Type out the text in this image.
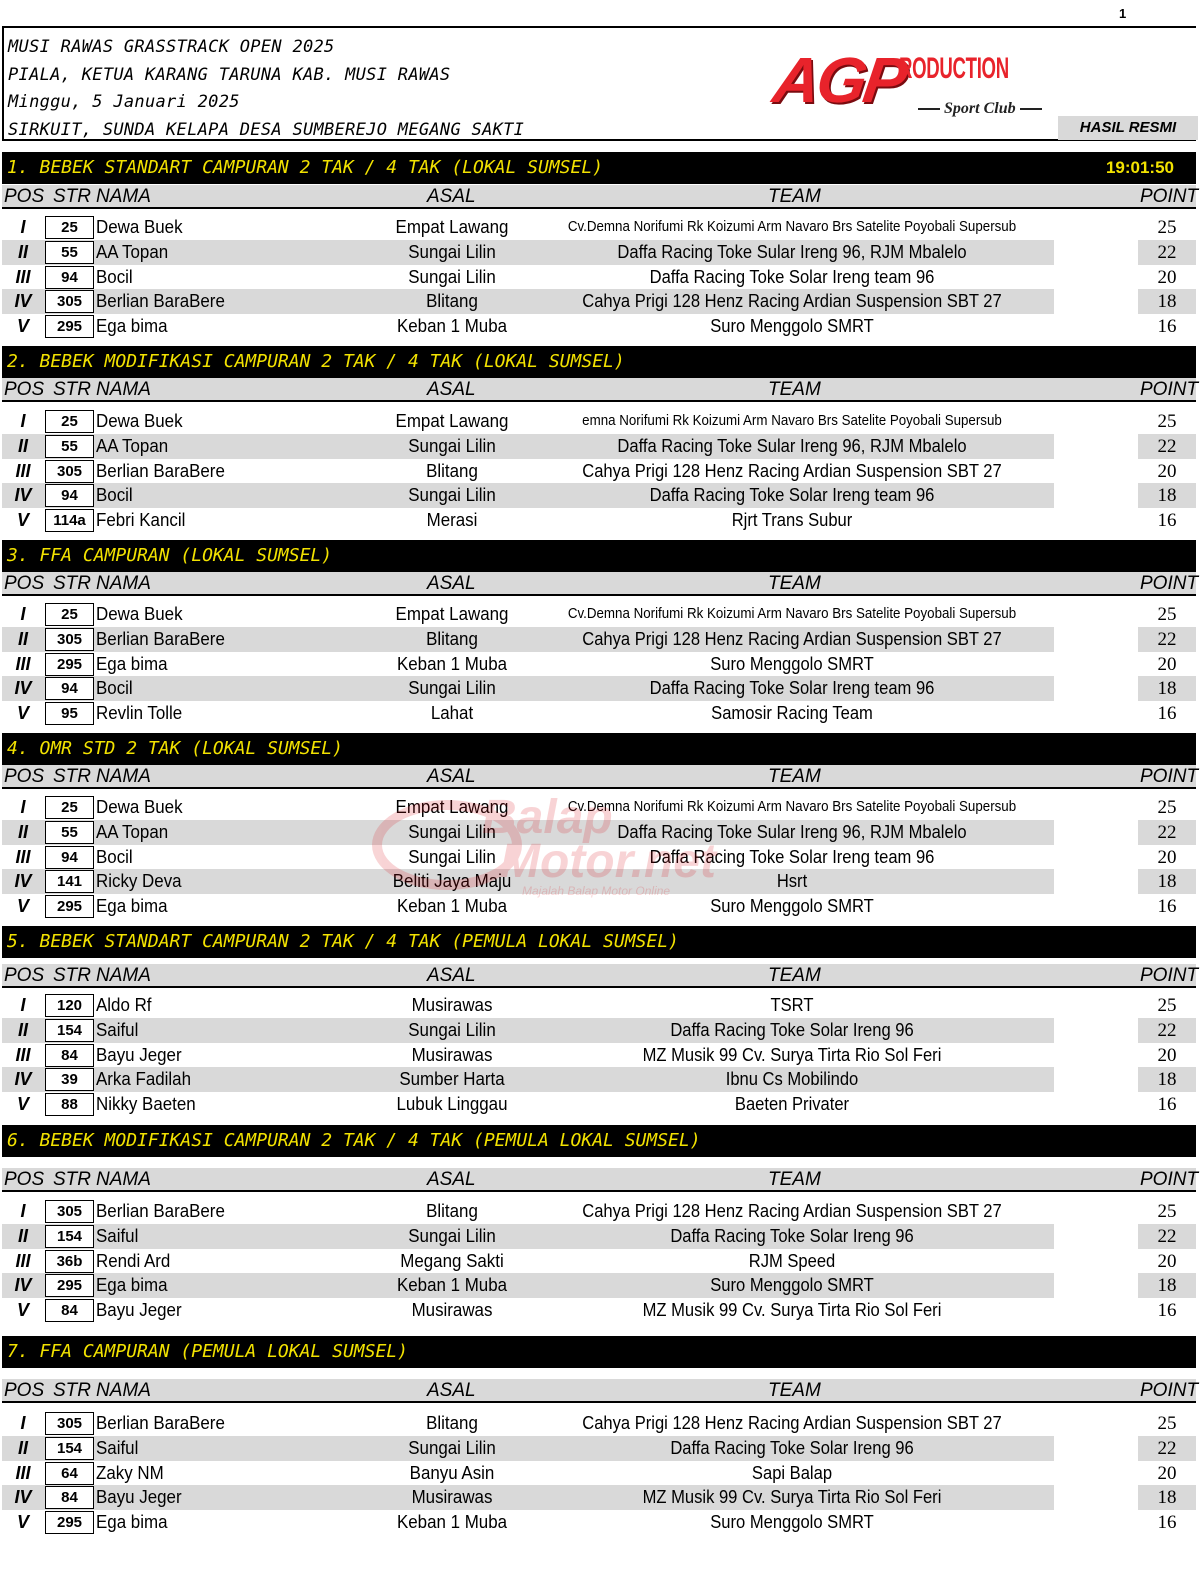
1
MUSI RAWAS GRASSTRACK OPEN 2025
PIALA, KETUA KARANG TARUNA KAB. MUSI RAWAS
Minggu, 5 Januari 2025
SIRKUIT, SUNDA KELAPA DESA SUMBEREJO MEGANG SAKTI
AGP
RODUCTION
Sport Club
HASIL RESMI
1. BEBEK STANDART CAMPURAN 2 TAK / 4 TAK (LOKAL SUMSEL)	19:01:50
POS STR NAMA	ASAL	TEAM	POINT
I	25	Dewa Buek	Empat Lawang	Cv.Demna Norifumi Rk Koizumi Arm Navaro Brs Satelite Poyobali Supersub	25
II	55	AA Topan	Sungai Lilin	Daffa Racing Toke Sular Ireng 96, RJM Mbalelo	22
III	94	Bocil	Sungai Lilin	Daffa Racing Toke Solar Ireng team 96	20
IV	305 Berlian BaraBere	Blitang	Cahya Prigi 128 Henz Racing Ardian Suspension SBT 27	18
V	295 Ega bima	Keban 1 Muba	Suro Menggolo SMRT	16
2. BEBEK MODIFIKASI CAMPURAN 2 TAK / 4 TAK (LOKAL SUMSEL)
POS STR NAMA	ASAL	TEAM	POINT
I	25	Dewa Buek	Empat Lawang	emna Norifumi Rk Koizumi Arm Navaro Brs Satelite Poyobali Supersub	25
II	55	AA Topan	Sungai Lilin	Daffa Racing Toke Sular Ireng 96, RJM Mbalelo	22
III	305 Berlian BaraBere	Blitang	Cahya Prigi 128 Henz Racing Ardian Suspension SBT 27	20
IV	94	Bocil	Sungai Lilin	Daffa Racing Toke Solar Ireng team 96	18
V	114a Febri Kancil	Merasi	Rjrt Trans Subur	16
3. FFA CAMPURAN (LOKAL SUMSEL)
POS STR NAMA	ASAL	TEAM	POINT
I	25	Dewa Buek	Empat Lawang	Cv.Demna Norifumi Rk Koizumi Arm Navaro Brs Satelite Poyobali Supersub	25
II	305 Berlian BaraBere	Blitang	Cahya Prigi 128 Henz Racing Ardian Suspension SBT 27	22
III	295 Ega bima	Keban 1 Muba	Suro Menggolo SMRT	20
IV	94	Bocil	Sungai Lilin	Daffa Racing Toke Solar Ireng team 96	18
V	95	Revlin Tolle	Lahat	Samosir Racing Team	16
4. OMR STD 2 TAK (LOKAL SUMSEL)
POS STR NAMA	ASAL	TEAM	POINT
I	25	Dewa Buek	Empat Lawang	Cv.Demna Norifumi Rk Koizumi Arm Navaro Brs Satelite Poyobali Supersub	25
II	55	AA Topan	Sungai Lilin	Daffa Racing Toke Sular Ireng 96, RJM Mbalelo	22
III	94	Bocil	Sungai Lilin	Daffa Racing Toke Solar Ireng team 96	20
IV	141 Ricky Deva	Beliti Jaya Maju	Hsrt	18
V	295 Ega bima	Keban 1 Muba	Suro Menggolo SMRT	16
5. BEBEK STANDART CAMPURAN 2 TAK / 4 TAK (PEMULA LOKAL SUMSEL)
POS STR NAMA	ASAL	TEAM	POINT
I	120 Aldo Rf	Musirawas	TSRT	25
II	154 Saiful	Sungai Lilin	Daffa Racing Toke Solar Ireng 96	22
III	84	Bayu Jeger	Musirawas	MZ Musik 99 Cv. Surya Tirta Rio Sol Feri	20
IV	39	Arka Fadilah	Sumber Harta	Ibnu Cs Mobilindo	18
V	88	Nikky Baeten	Lubuk Linggau	Baeten Privater	16
6. BEBEK MODIFIKASI CAMPURAN 2 TAK / 4 TAK (PEMULA LOKAL SUMSEL)
POS STR NAMA	ASAL	TEAM	POINT
I	305 Berlian BaraBere	Blitang	Cahya Prigi 128 Henz Racing Ardian Suspension SBT 27	25
II	154 Saiful	Sungai Lilin	Daffa Racing Toke Solar Ireng 96	22
III	36b Rendi Ard	Megang Sakti	RJM Speed	20
IV	295 Ega bima	Keban 1 Muba	Suro Menggolo SMRT	18
V	84	Bayu Jeger	Musirawas	MZ Musik 99 Cv. Surya Tirta Rio Sol Feri	16
7. FFA CAMPURAN (PEMULA LOKAL SUMSEL)
POS STR NAMA	ASAL	TEAM	POINT
I	305 Berlian BaraBere	Blitang	Cahya Prigi 128 Henz Racing Ardian Suspension SBT 27	25
II	154 Saiful	Sungai Lilin	Daffa Racing Toke Solar Ireng 96	22
III	64	Zaky NM	Banyu Asin	Sapi Balap	20
IV	84	Bayu Jeger	Musirawas	MZ Musik 99 Cv. Surya Tirta Rio Sol Feri	18
V	295 Ega bima	Keban 1 Muba	Suro Menggolo SMRT	16
Balap
Motor.net
